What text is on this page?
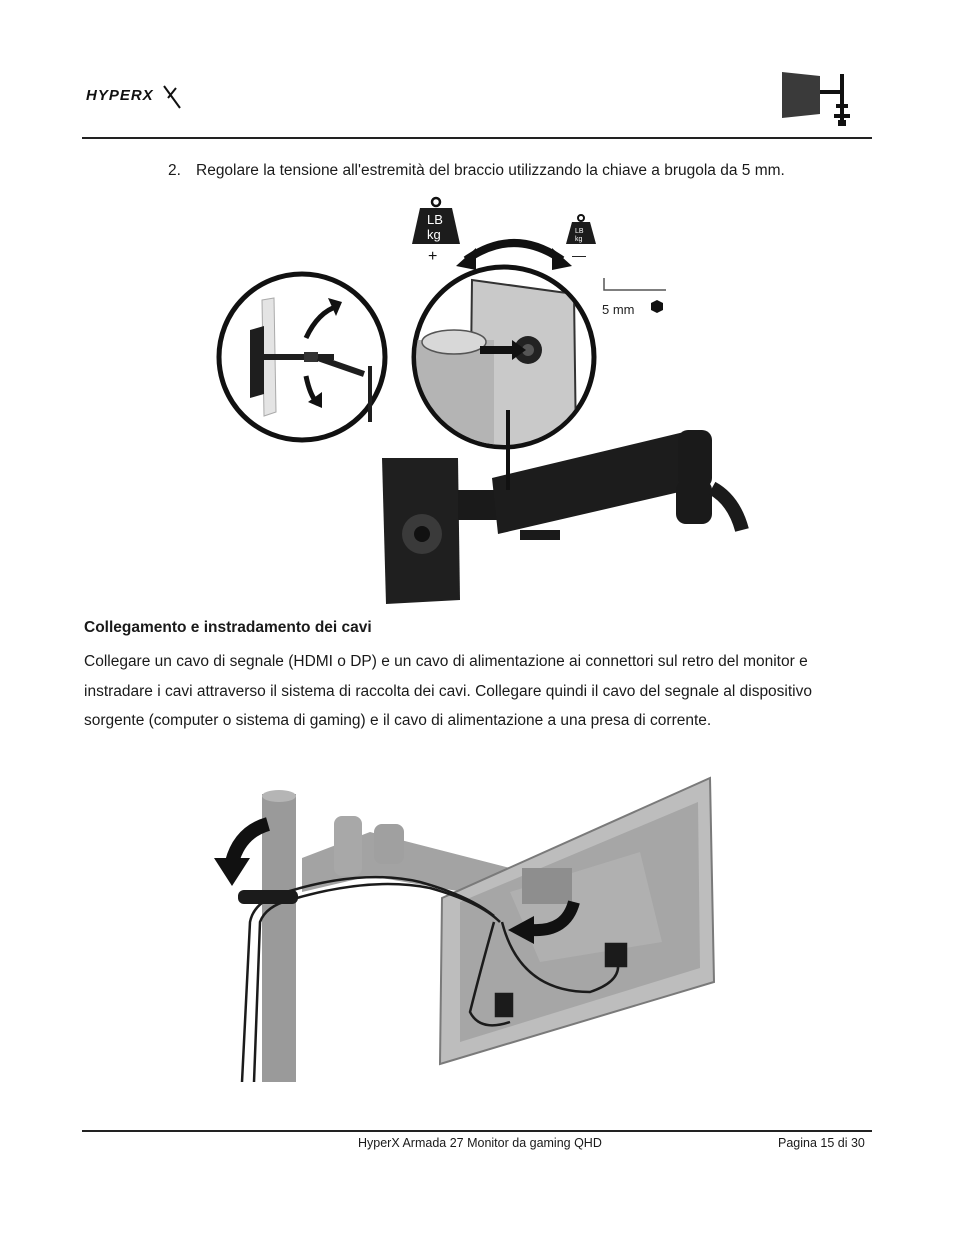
HYPERX
2. Regolare la tensione all'estremità del braccio utilizzando la chiave a brugola da 5 mm.
LB
kg
+
LB
kg
—
5 mm
Collegamento e instradamento dei cavi
Collegare un cavo di segnale (HDMI o DP) e un cavo di alimentazione ai connettori sul retro del monitor e instradare i cavi attraverso il sistema di raccolta dei cavi. Collegare quindi il cavo del segnale al dispositivo sorgente (computer o sistema di gaming) e il cavo di alimentazione a una presa di corrente.
HyperX Armada 27 Monitor da gaming QHD	Pagina 15 di 30
